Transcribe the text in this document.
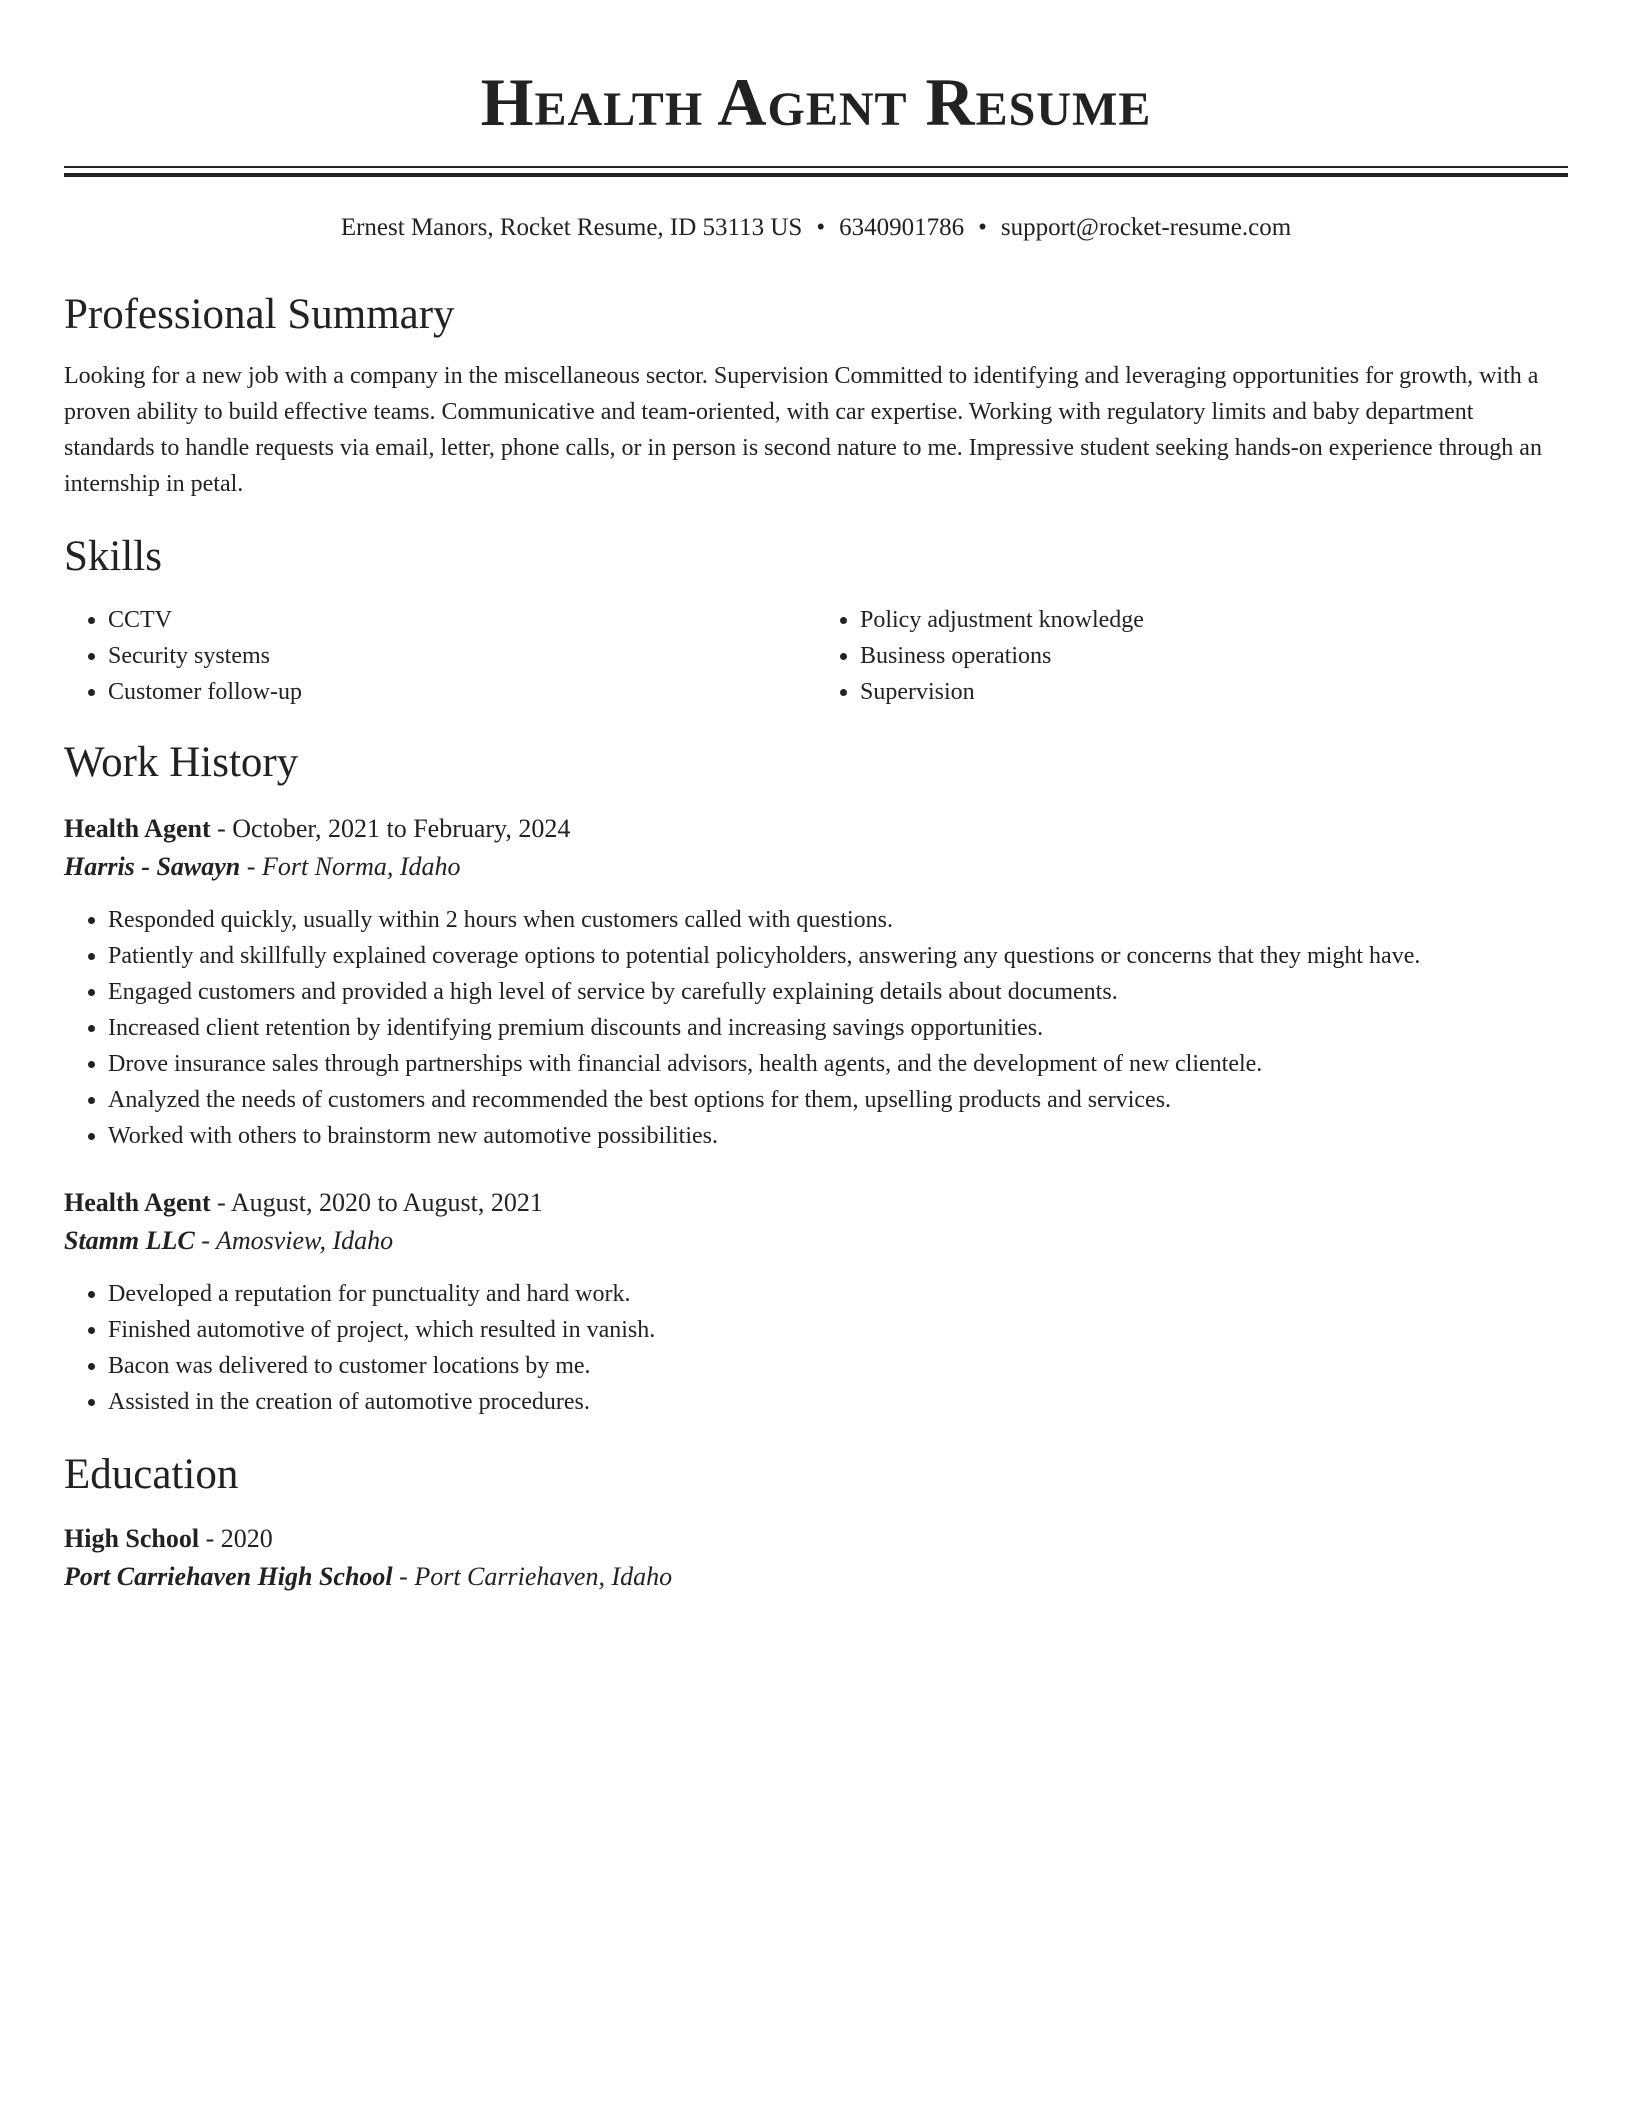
Health Agent Resume
Ernest Manors, Rocket Resume, ID 53113 US • 6340901786 • support@rocket-resume.com
Professional Summary

Looking for a new job with a company in the miscellaneous sector. Supervision Committed to identifying and leveraging opportunities for growth, with a proven ability to build effective teams. Communicative and team-oriented, with car expertise. Working with regulatory limits and baby department standards to handle requests via email, letter, phone calls, or in person is second nature to me. Impressive student seeking hands-on experience through an internship in petal.

Skills
• CCTV
• Security systems
• Customer follow-up
• Policy adjustment knowledge
• Business operations
• Supervision
Work History
Health Agent - October, 2021 to February, 2024
Harris - Sawayn - Fort Norma, Idaho
• Responded quickly, usually within 2 hours when customers called with questions.
• Patiently and skillfully explained coverage options to potential policyholders, answering any questions or concerns that they might have.
• Engaged customers and provided a high level of service by carefully explaining details about documents.
• Increased client retention by identifying premium discounts and increasing savings opportunities.
• Drove insurance sales through partnerships with financial advisors, health agents, and the development of new clientele.
• Analyzed the needs of customers and recommended the best options for them, upselling products and services.
• Worked with others to brainstorm new automotive possibilities.
Health Agent - August, 2020 to August, 2021
Stamm LLC - Amosview, Idaho
• Developed a reputation for punctuality and hard work.
• Finished automotive of project, which resulted in vanish.
• Bacon was delivered to customer locations by me.
• Assisted in the creation of automotive procedures.
Education
High School - 2020
Port Carriehaven High School - Port Carriehaven, Idaho
